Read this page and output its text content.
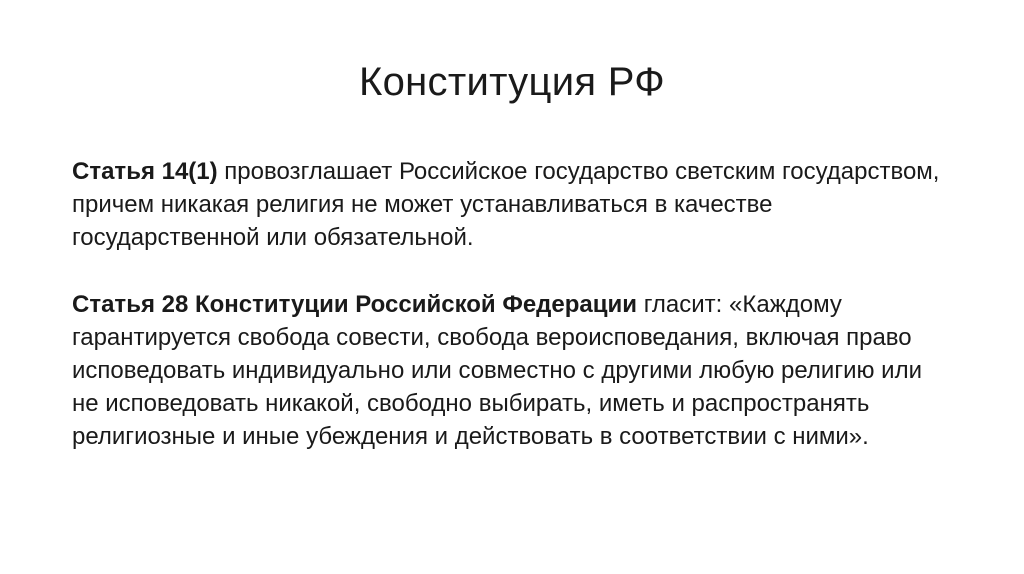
Конституция РФ

Статья 14(1) провозглашает Российское государство светским государством, причем никакая религия не может устанавливаться в качестве государственной или обязательной.

Статья 28 Конституции Российской Федерации гласит: «Каждому гарантируется свобода совести, свобода вероисповедания, включая право исповедовать индивидуально или совместно с другими любую религию или не исповедовать никакой, свободно выбирать, иметь и распространять религиозные и иные убеждения и действовать в соответствии с ними».
